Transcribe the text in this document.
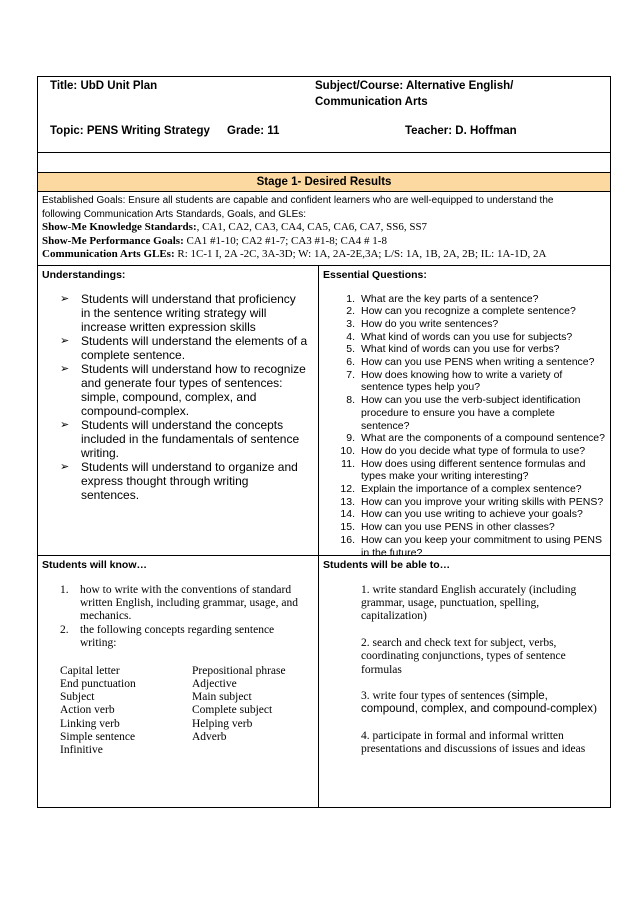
Title: UbD Unit Plan	Subject/Course: Alternative English/
Communication Arts
Topic: PENS Writing Strategy Grade: 11	Teacher: D. Hoffman
Stage 1- Desired Results
Established Goals: Ensure all students are capable and confident learners who are well-equipped to understand the
following Communication Arts Standards, Goals, and GLEs:
Show-Me Knowledge Standards:, CA1, CA2, CA3, CA4, CA5, CA6, CA7, SS6, SS7
Show-Me Performance Goals: CA1 #1-10; CA2 #1-7; CA3 #1-8; CA4 # 1-8
Communication Arts GLEs: R: 1C-1 I, 2A -2C, 3A-3D; W: 1A, 2A-2E,3A; L/S: 1A, 1B, 2A, 2B; IL: 1A-1D, 2A
Understandings:
➢ Students will understand that proficiency in the sentence writing strategy will increase written expression skills
➢ Students will understand the elements of a complete sentence.
➢ Students will understand how to recognize and generate four types of sentences: simple, compound, complex, and compound-complex.
➢ Students will understand the concepts included in the fundamentals of sentence writing.
➢ Students will understand to organize and express thought through writing sentences.
Essential Questions:
1. What are the key parts of a sentence?
2. How can you recognize a complete sentence?
3. How do you write sentences?
4. What kind of words can you use for subjects?
5. What kind of words can you use for verbs?
6. How can you use PENS when writing a sentence?
7. How does knowing how to write a variety of sentence types help you?
8. How can you use the verb-subject identification procedure to ensure you have a complete sentence?
9. What are the components of a compound sentence?
10. How do you decide what type of formula to use?
11. How does using different sentence formulas and types make your writing interesting?
12. Explain the importance of a complex sentence?
13. How can you improve your writing skills with PENS?
14. How can you use writing to achieve your goals?
15. How can you use PENS in other classes?
16. How can you keep your commitment to using PENS in the future?
Students will know…
1. how to write with the conventions of standard written English, including grammar, usage, and mechanics.
2. the following concepts regarding sentence writing:
Capital letter
End punctuation
Subject
Action verb
Linking verb
Simple sentence
Infinitive
Prepositional phrase
Adjective
Main subject
Complete subject
Helping verb
Adverb
Students will be able to…

1. write standard English accurately (including grammar, usage, punctuation, spelling, capitalization)

2. search and check text for subject, verbs, coordinating conjunctions, types of sentence formulas

3. write four types of sentences (simple, compound, complex, and compound-complex)

4. participate in formal and informal written presentations and discussions of issues and ideas
